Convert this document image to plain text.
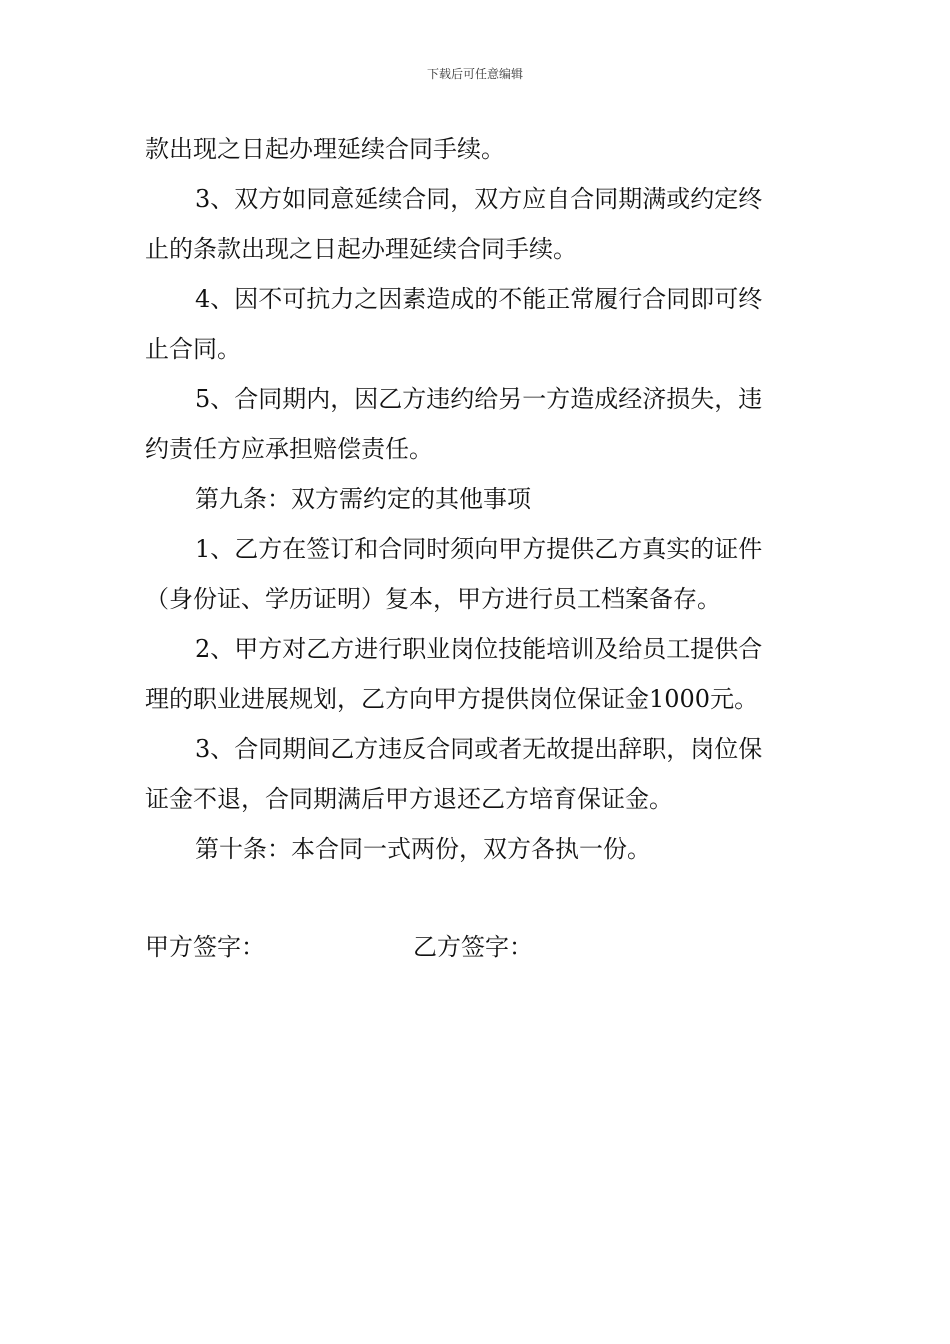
下载后可任意编辑
款出现之日起办理延续合同手续。
3、双方如同意延续合同，双方应自合同期满或约定终
止的条款出现之日起办理延续合同手续。
4、因不可抗力之因素造成的不能正常履行合同即可终
止合同。
5、合同期内，因乙方违约给另一方造成经济损失，违
约责任方应承担赔偿责任。
第九条：双方需约定的其他事项
1、乙方在签订和合同时须向甲方提供乙方真实的证件
（身份证、学历证明）复本，甲方进行员工档案备存。
2、甲方对乙方进行职业岗位技能培训及给员工提供合
理的职业进展规划，乙方向甲方提供岗位保证金1000元。
3、合同期间乙方违反合同或者无故提出辞职，岗位保
证金不退，合同期满后甲方退还乙方培育保证金。
第十条：本合同一式两份，双方各执一份。
甲方签字：	乙方签字：
